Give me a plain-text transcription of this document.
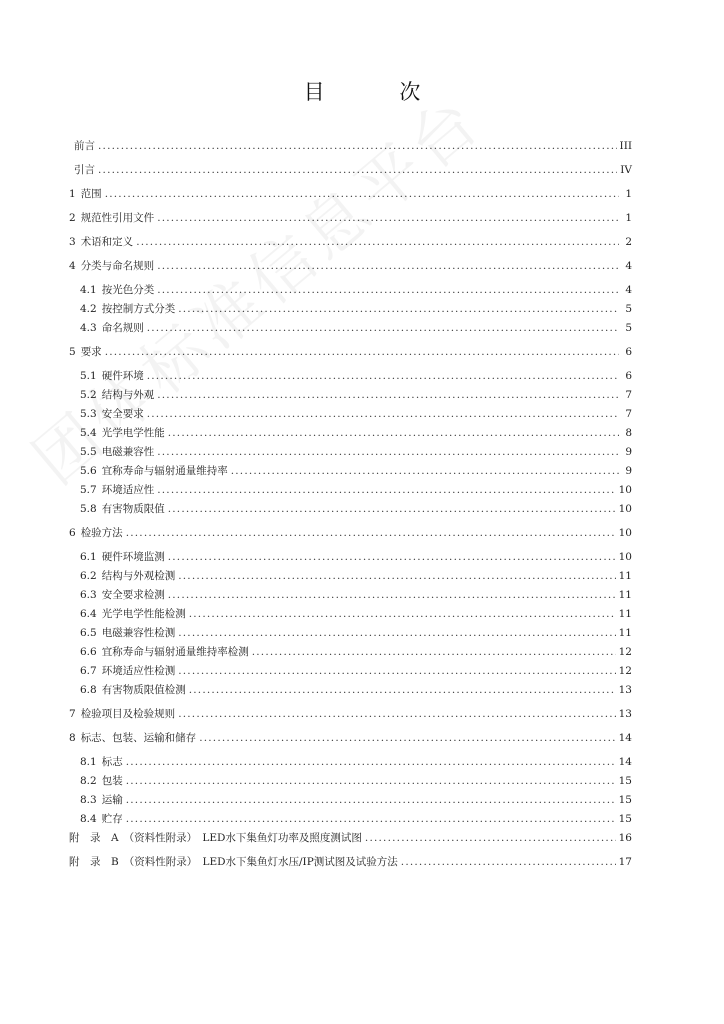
目 次
前言 .....	III
引言 .....	IV
1 范围 .....	1
2 规范性引用文件 .....	1
3 术语和定义 .....	2
4 分类与命名规则 .....	4
4.1 按光色分类 .....	4
4.2 按控制方式分类 .....	5
4.3 命名规则 .....	5
5 要求 .....	6
5.1 硬件环境 .....	6
5.2 结构与外观 .....	7
5.3 安全要求 .....	7
5.4 光学电学性能 .....	8
5.5 电磁兼容性 .....	9
5.6 宜称寿命与辐射通量维持率 .....	9
5.7 环境适应性 .....	10
5.8 有害物质限值 .....	10
6 检验方法 .....	10
6.1 硬件环境监测 .....	10
6.2 结构与外观检测 .....	11
6.3 安全要求检测 .....	11
6.4 光学电学性能检测 .....	11
6.5 电磁兼容性检测 .....	11
6.6 宜称寿命与辐射通量维持率检测 .....	12
6.7 环境适应性检测 .....	12
6.8 有害物质限值检测 .....	13
7 检验项目及检验规则 .....	13
8 标志、包装、运输和储存 .....	14
8.1 标志 .....	14
8.2 包装 .....	15
8.3 运输 .....	15
8.4 贮存 .....	15
附　录　A （资料性附录）　LED水下集鱼灯功率及照度测试图 .....	16
附　录　B （资料性附录）　LED水下集鱼灯水压/IP测试图及试验方法 .....	17
